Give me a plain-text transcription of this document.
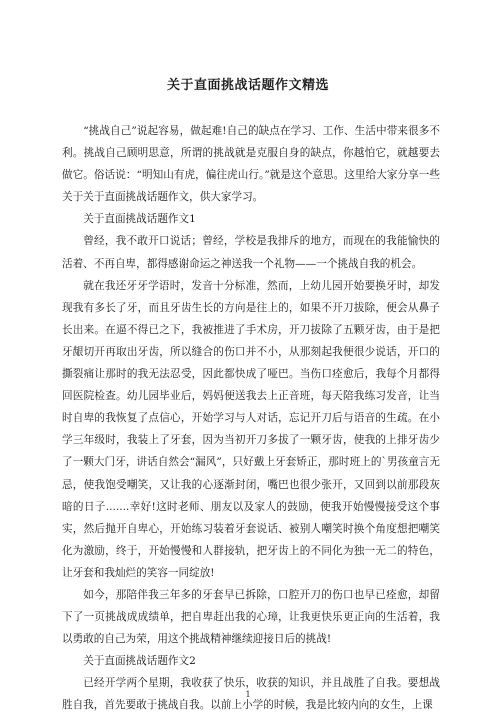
关于直面挑战话题作文精选

“挑战自己”说起容易，做起难!自己的缺点在学习、工作、生活中带来很多不利。挑战自己顾明思意，所谓的挑战就是克服自身的缺点，你越怕它，就越要去做它。俗话说：“明知山有虎，偏往虎山行。”就是这个意思。这里给大家分享一些关于关于直面挑战话题作文，供大家学习。

关于直面挑战话题作文1

曾经，我不敢开口说话；曾经，学校是我排斥的地方，而现在的我能愉快的活着、不再自卑，都得感谢命运之神送我一个礼物——一个挑战自我的机会。

就在我还牙牙学语时，发音十分标准，然而，上幼儿园开始要换牙时，却发现我有多长了牙，而且牙齿生长的方向是往上的，如果不开刀拔除，便会从鼻子长出来。在逼不得已之下，我被推进了手术房，开刀拔除了五颗牙齿，由于是把牙龈切开再取出牙齿，所以缝合的伤口并不小，从那刻起我便很少说话，开口的撕裂痛让那时的我无法忍受，因此都快成了哑巴。当伤口痊愈后，我每个月都得回医院检查。幼儿园毕业后，妈妈便送我去上正音班，每天陪我练习发音，让当时自卑的我恢复了点信心，开始学习与人对话，忘记开刀后与语音的生疏。在小学三年级时，我装上了牙套，因为当初开刀多拔了一颗牙齿，使我的上排牙齿少了一颗大门牙，讲话自然会“漏风”，只好戴上牙套矫正，那时班上的`男孩童言无忌，使我饱受嘲笑，又让我的心逐渐封闭，嘴巴也很少张开，又回到以前那段灰暗的日子.......幸好!这时老师、朋友以及家人的鼓励，使我开始慢慢接受这个事实，然后抛开自卑心，开始练习装着牙套说话、被别人嘲笑时换个角度想把嘲笑化为激励，终于，开始慢慢和人群接轨，把牙齿上的不同化为独一无二的特色，让牙套和我灿烂的笑容一同绽放!

如今，那陪伴我三年多的牙套早已拆除，口腔开刀的伤口也早已痊愈，却留下了一页挑战成成绩单，把自卑赶出我的心璋，让我更快乐更正向的生活着，我以勇敢的自己为荣，用这个挑战精神继续迎接日后的挑战!

关于直面挑战话题作文2

已经开学两个星期，我收获了快乐，收获的知识，并且战胜了自我。要想战胜自我，首先要敢于挑战自我。以前上小学的时候，我是比较内向的女生，上课

1
